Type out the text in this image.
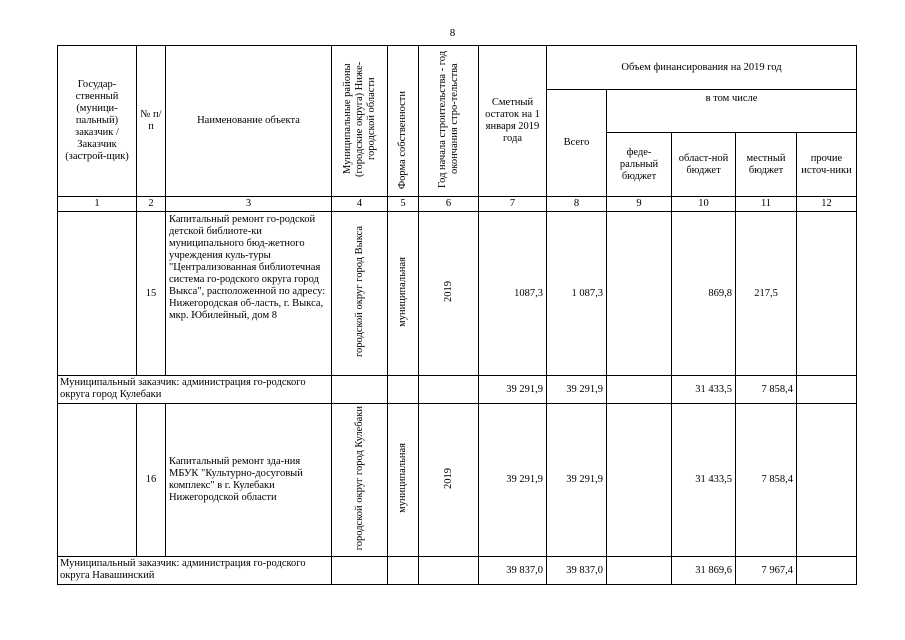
8
Государ-ственный (муници-пальный) заказчик / Заказчик (застрой-щик)	№ п/п	Наименование объекта	Муниципальные районы (городские округа) Ниже-городской области	Форма собственности	Год начала строительства - год окончания стро-тельства	Сметный остаток на 1 января 2019 года	Объем финансирования на 2019 год				
							Всего	в том числе			
								феде-ральный бюджет	област-ной бюджет	местный бюджет	прочие источ-ники
1	2	3	4	5	6	7	8	9	10	11	12
	15	Капитальный ремонт го-родской детской библиоте-ки муниципального бюд-жетного учреждения куль-туры "Централизованная библиотечная система го-родского округа город Выкса", расположенной по адресу: Нижегородская об-ласть, г. Выкса, мкр. Юбилейный, дом 8	городской округ город Выкса	муниципальная	2019	1087,3	1 087,3		869,8	217,5	
Муниципальный заказчик: администрация го-родского округа город Кулебаки						39 291,9	39 291,9		31 433,5	7 858,4	
	16	Капитальный ремонт зда-ния МБУК "Культурно-досуговый комплекс" в г. Кулебаки Нижегородской области	городской округ город Кулебаки	муниципальная	2019	39 291,9	39 291,9		31 433,5	7 858,4	
Муниципальный заказчик: администрация го-родского округа Навашинский						39 837,0	39 837,0		31 869,6	7 967,4	
